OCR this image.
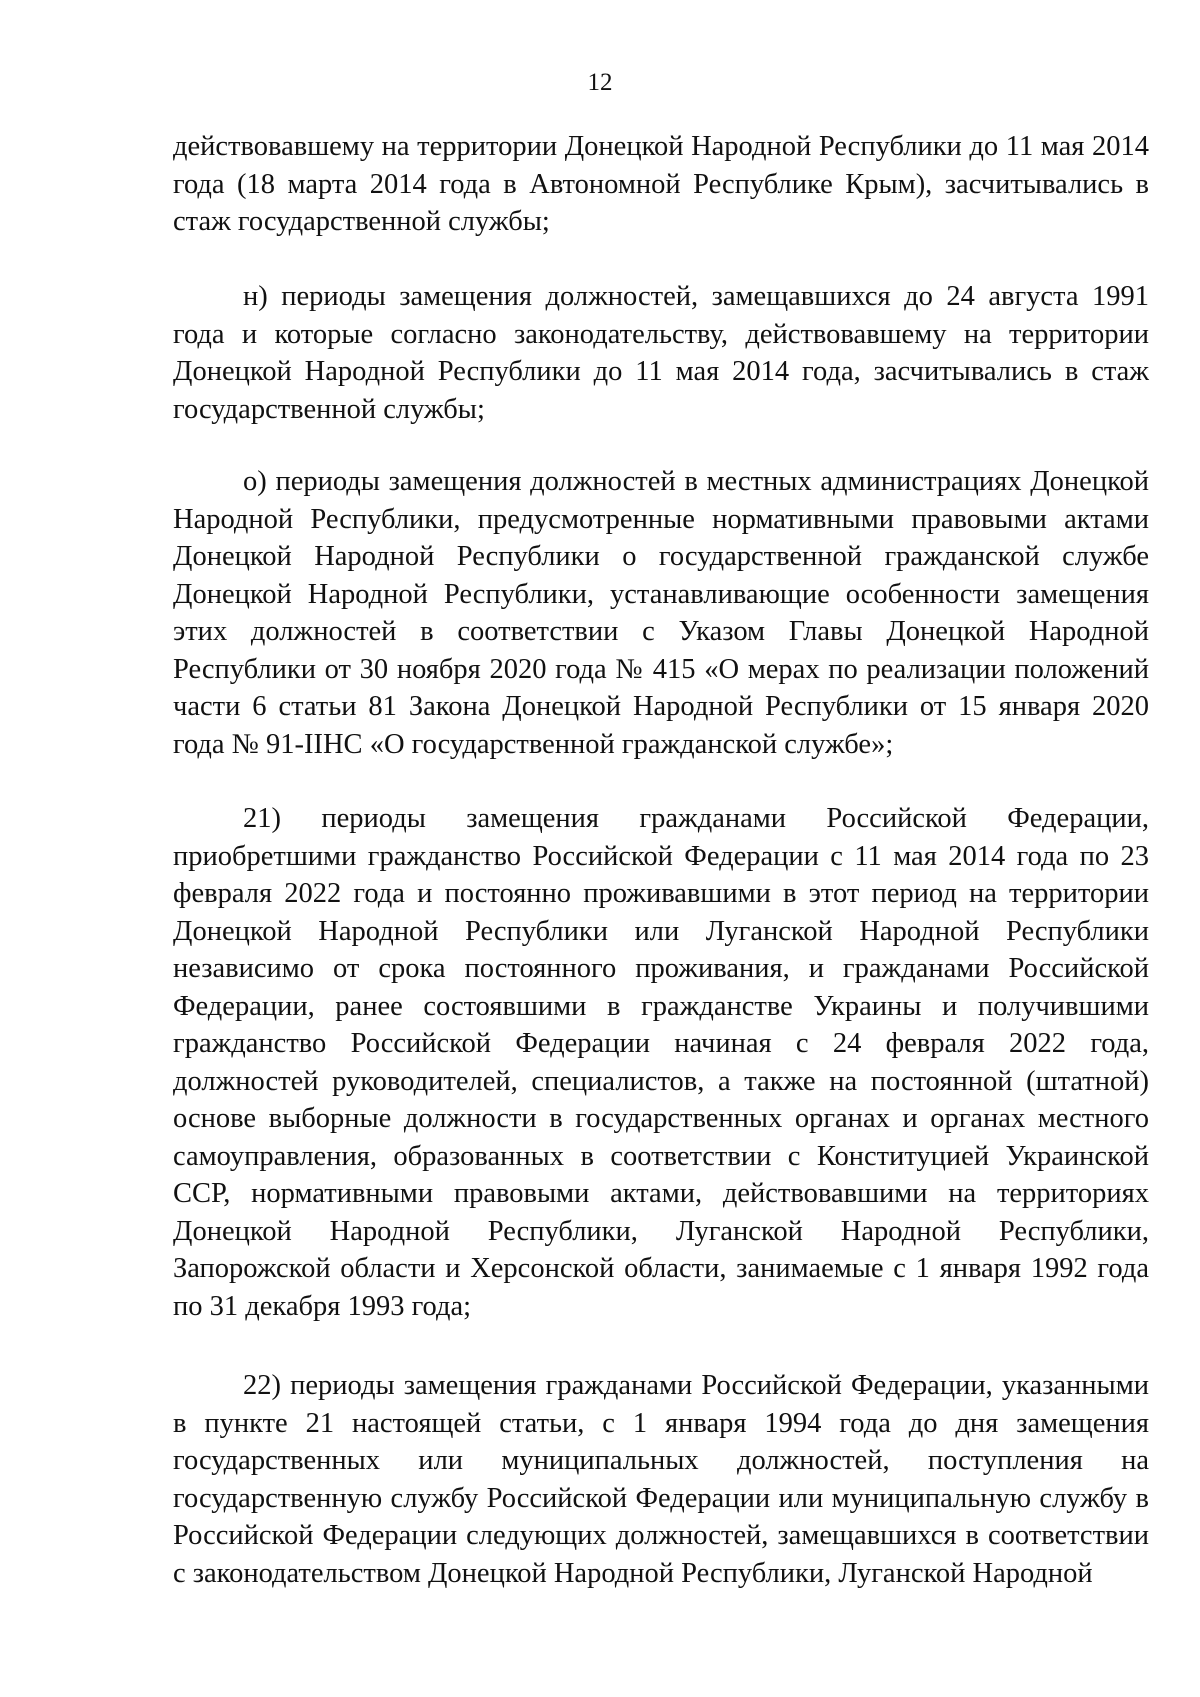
12

действовавшему на территории Донецкой Народной Республики до 11 мая 2014 года (18 марта 2014 года в Автономной Республике Крым), засчитывались в стаж государственной службы;

н) периоды замещения должностей, замещавшихся до 24 августа 1991 года и которые согласно законодательству, действовавшему на территории Донецкой Народной Республики до 11 мая 2014 года, засчитывались в стаж государственной службы;

о) периоды замещения должностей в местных администрациях Донецкой Народной Республики, предусмотренные нормативными правовыми актами Донецкой Народной Республики о государственной гражданской службе Донецкой Народной Республики, устанавливающие особенности замещения этих должностей в соответствии с Указом Главы Донецкой Народной Республики от 30 ноября 2020 года № 415 «О мерах по реализации положений части 6 статьи 81 Закона Донецкой Народной Республики от 15 января 2020 года № 91-IIНС «О государственной гражданской службе»;

21) периоды замещения гражданами Российской Федерации, приобретшими гражданство Российской Федерации с 11 мая 2014 года по 23 февраля 2022 года и постоянно проживавшими в этот период на территории Донецкой Народной Республики или Луганской Народной Республики независимо от срока постоянного проживания, и гражданами Российской Федерации, ранее состоявшими в гражданстве Украины и получившими гражданство Российской Федерации начиная с 24 февраля 2022 года, должностей руководителей, специалистов, а также на постоянной (штатной) основе выборные должности в государственных органах и органах местного самоуправления, образованных в соответствии с Конституцией Украинской ССР, нормативными правовыми актами, действовавшими на территориях Донецкой Народной Республики, Луганской Народной Республики, Запорожской области и Херсонской области, занимаемые с 1 января 1992 года по 31 декабря 1993 года;

22) периоды замещения гражданами Российской Федерации, указанными в пункте 21 настоящей статьи, с 1 января 1994 года до дня замещения государственных или муниципальных должностей, поступления на государственную службу Российской Федерации или муниципальную службу в Российской Федерации следующих должностей, замещавшихся в соответствии с законодательством Донецкой Народной Республики, Луганской Народной
